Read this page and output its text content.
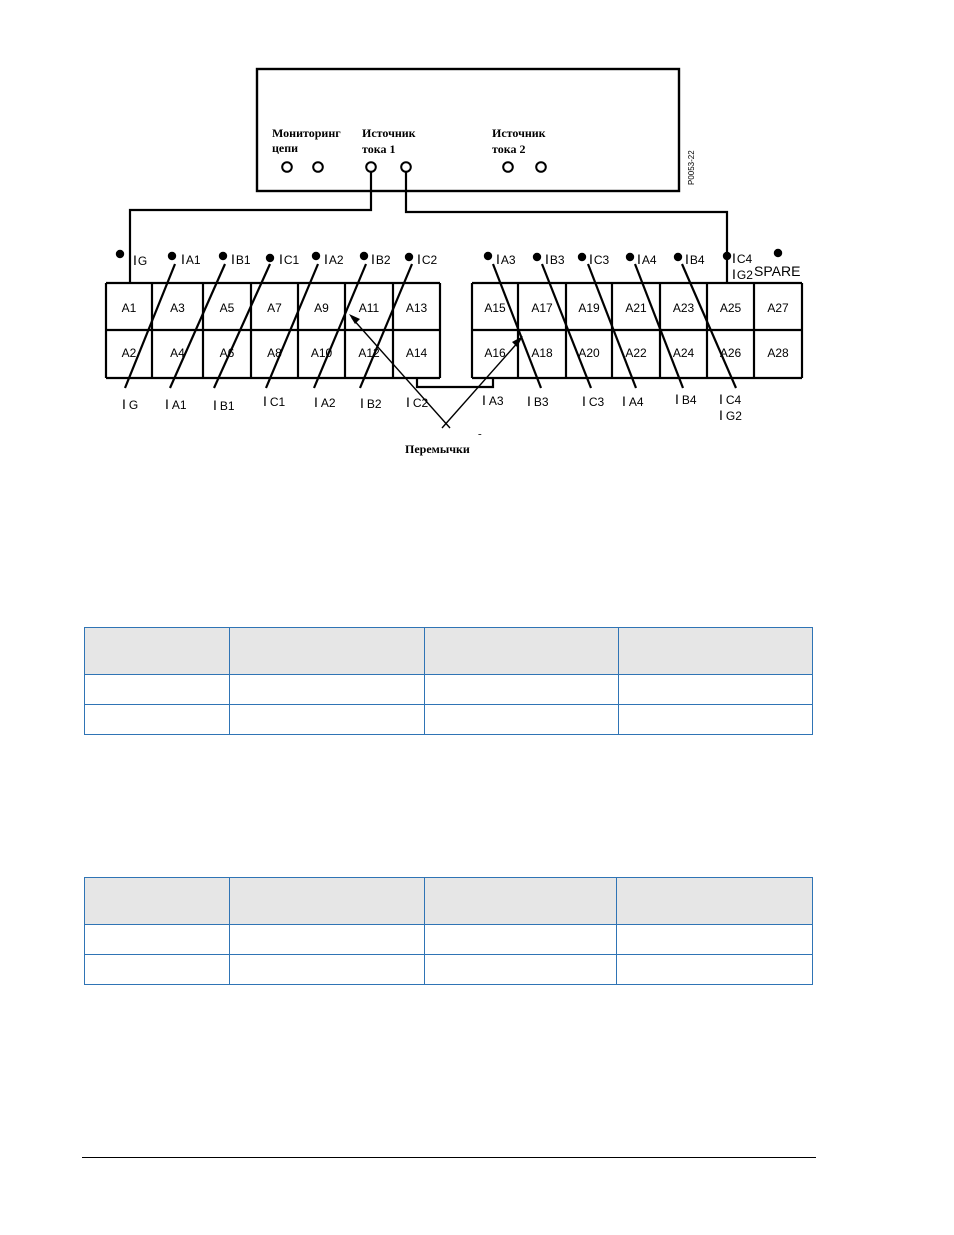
Мониторинг
цепи
Источник
тока 1
Источник
тока 2
P0053-22
A1	A3	A5	A7	A9 A11 A13
A2	A4	A6	A8 A10 A12 A14
A15 A17 A19 A21 A23 A25 A27
A16 A18 A20 A22 A24 A26 A28
IG IA1 IB1 IC1 IA2 IB2 IC2	IA3 IB3 IC3 IA4 IB4 IC4
IG2 SPARE
I G I A1 I B1 I C1 I A2 I B2 I C2	I A3 I B3 I C3 I A4 I B4 I C4
I G2
-
Перемычки
